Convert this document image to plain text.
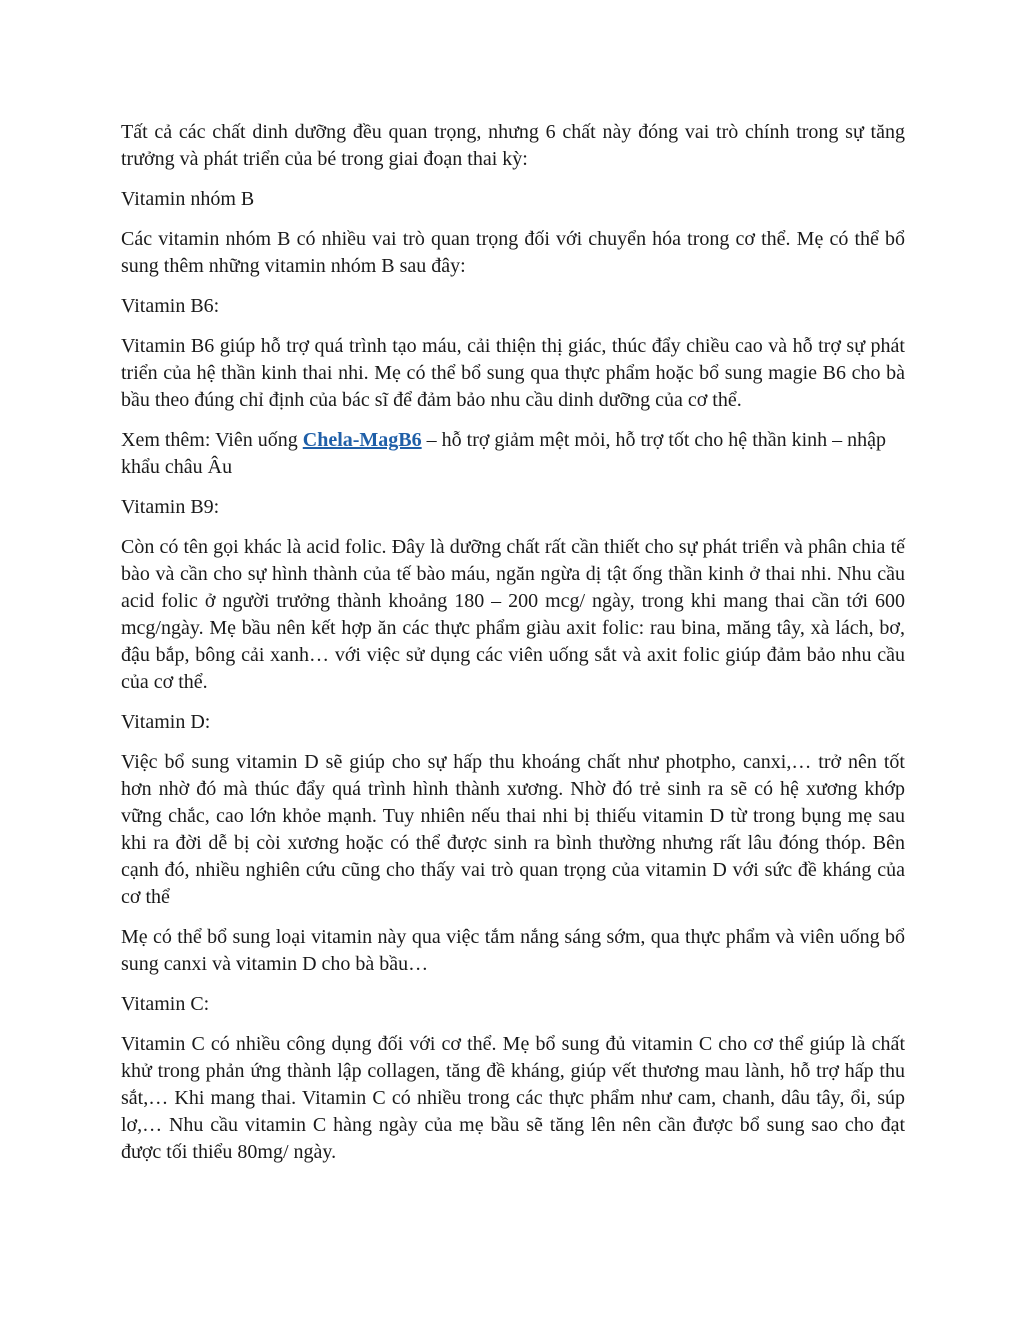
Tất cả các chất dinh dưỡng đều quan trọng, nhưng 6 chất này đóng vai trò chính trong sự tăng trưởng và phát triển của bé trong giai đoạn thai kỳ:

Vitamin nhóm B

Các vitamin nhóm B có nhiều vai trò quan trọng đối với chuyển hóa trong cơ thể. Mẹ có thể bổ sung thêm những vitamin nhóm B sau đây:

Vitamin B6:

Vitamin B6 giúp hỗ trợ quá trình tạo máu, cải thiện thị giác, thúc đẩy chiều cao và hỗ trợ sự phát triển của hệ thần kinh thai nhi. Mẹ có thể bổ sung qua thực phẩm hoặc bổ sung magie B6 cho bà bầu theo đúng chỉ định của bác sĩ để đảm bảo nhu cầu dinh dưỡng của cơ thể.

Xem thêm: Viên uống Chela-MagB6 – hỗ trợ giảm mệt mỏi, hỗ trợ tốt cho hệ thần kinh – nhập khẩu châu Âu

Vitamin B9:

Còn có tên gọi khác là acid folic. Đây là dưỡng chất rất cần thiết cho sự phát triển và phân chia tế bào và cần cho sự hình thành của tế bào máu, ngăn ngừa dị tật ống thần kinh ở thai nhi. Nhu cầu acid folic ở người trưởng thành khoảng 180 – 200 mcg/ ngày, trong khi mang thai cần tới 600 mcg/ngày. Mẹ bầu nên kết hợp ăn các thực phẩm giàu axit folic: rau bina, măng tây, xà lách, bơ, đậu bắp, bông cải xanh… với việc sử dụng các viên uống sắt và axit folic giúp đảm bảo nhu cầu của cơ thể.

Vitamin D:

Việc bổ sung vitamin D sẽ giúp cho sự hấp thu khoáng chất như photpho, canxi,… trở nên tốt hơn nhờ đó mà thúc đẩy quá trình hình thành xương. Nhờ đó trẻ sinh ra sẽ có hệ xương khớp vững chắc, cao lớn khỏe mạnh. Tuy nhiên nếu thai nhi bị thiếu vitamin D từ trong bụng mẹ sau khi ra đời dễ bị còi xương hoặc có thể được sinh ra bình thường nhưng rất lâu đóng thóp. Bên cạnh đó, nhiều nghiên cứu cũng cho thấy vai trò quan trọng của vitamin D với sức đề kháng của cơ thể

Mẹ có thể bổ sung loại vitamin này qua việc tắm nắng sáng sớm, qua thực phẩm và viên uống bổ sung canxi và vitamin D cho bà bầu…

Vitamin C:

Vitamin C có nhiều công dụng đối với cơ thể. Mẹ bổ sung đủ vitamin C cho cơ thể giúp là chất khử trong phản ứng thành lập collagen, tăng đề kháng, giúp vết thương mau lành, hỗ trợ hấp thu sắt,… Khi mang thai. Vitamin C có nhiều trong các thực phẩm như cam, chanh, dâu tây, ổi, súp lơ,… Nhu cầu vitamin C hàng ngày của mẹ bầu sẽ tăng lên nên cần được bổ sung sao cho đạt được tối thiểu 80mg/ ngày.
